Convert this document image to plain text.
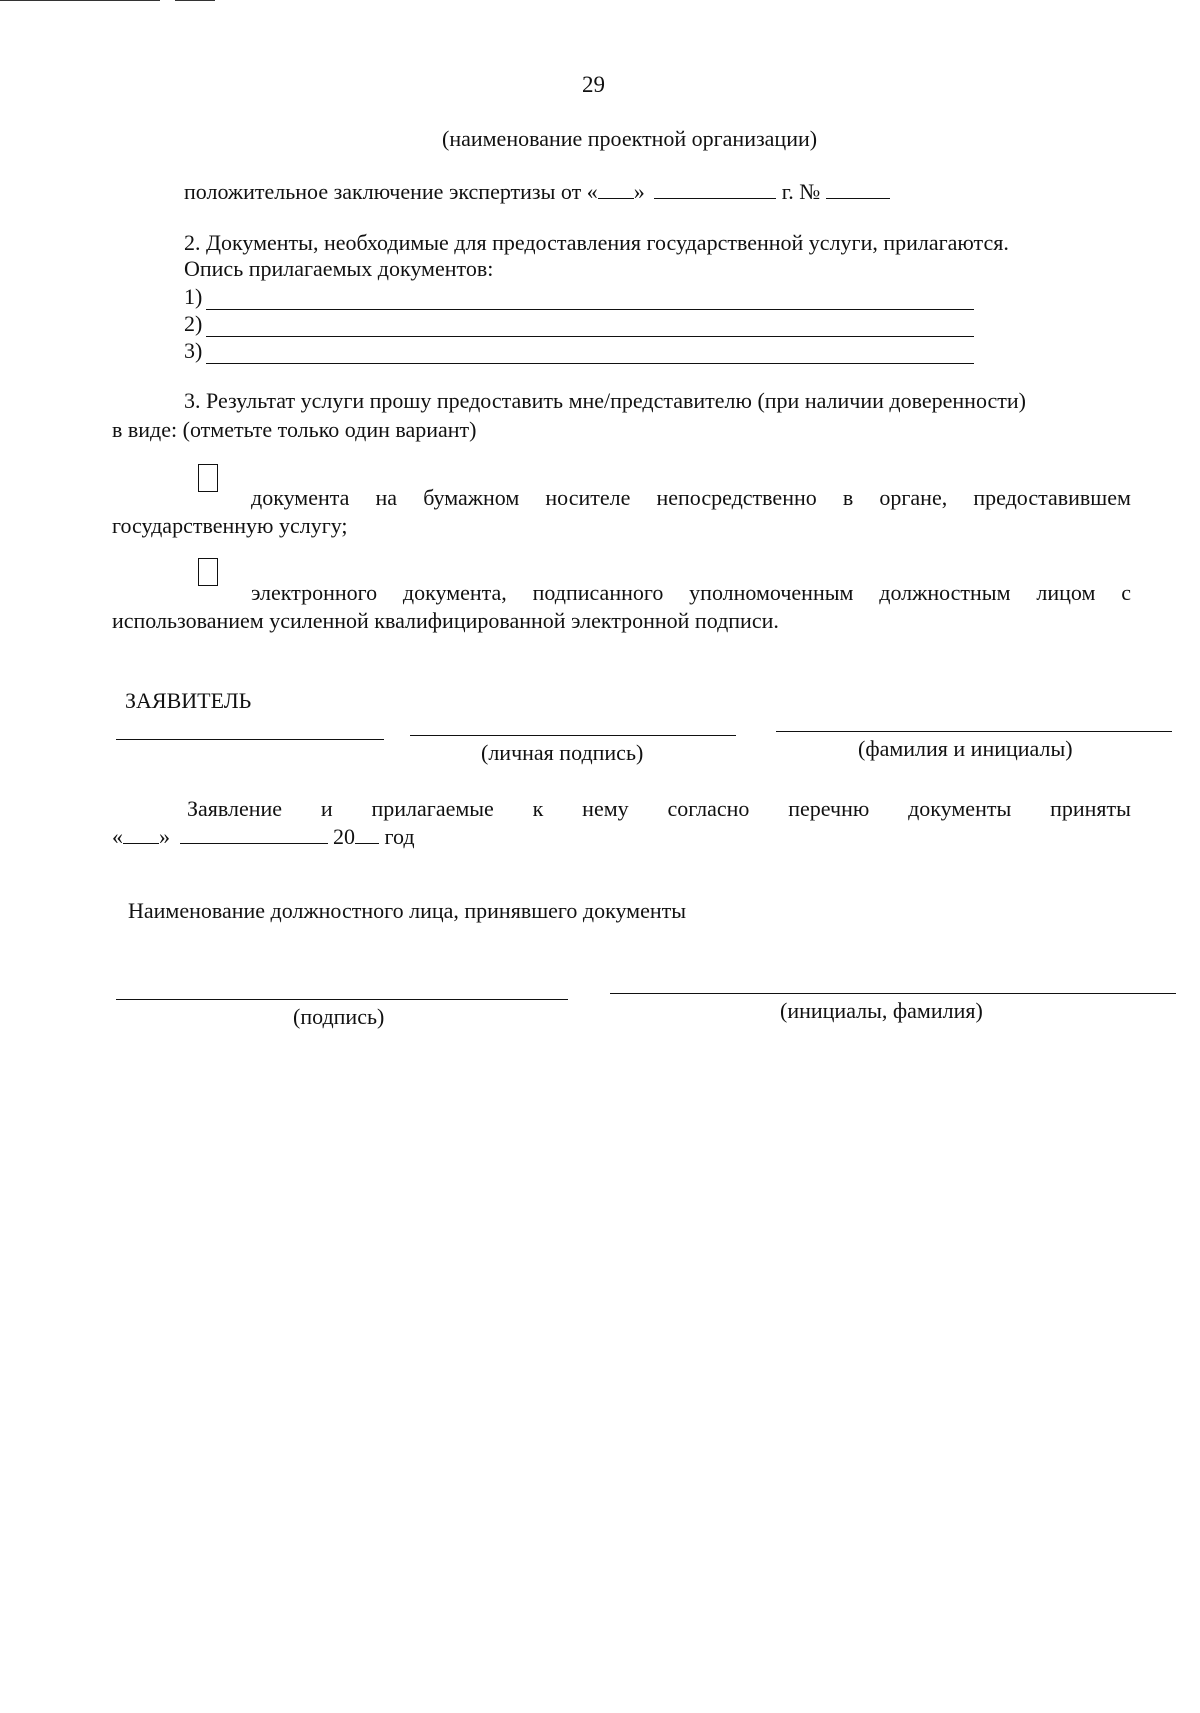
29
(наименование проектной организации)
положительное заключение экспертизы от « »	г. №
2. Документы, необходимые для предоставления государственной услуги, прилагаются.
Опись прилагаемых документов:
1)
2)
3)
3. Результат услуги прошу предоставить мне/представителю (при наличии доверенности)
в виде: (отметьте только один вариант)
документа на бумажном носителе непосредственно в органе, предоставившем
государственную услугу;
электронного документа, подписанного уполномоченным должностным лицом с
использованием усиленной квалифицированной электронной подписи.
ЗАЯВИТЕЛЬ
(личная подпись)	(фамилия и инициалы)
Заявление и прилагаемые к нему согласно перечню документы приняты
« »	20 год
Наименование должностного лица, принявшего документы
(подпись)	(инициалы, фамилия)
